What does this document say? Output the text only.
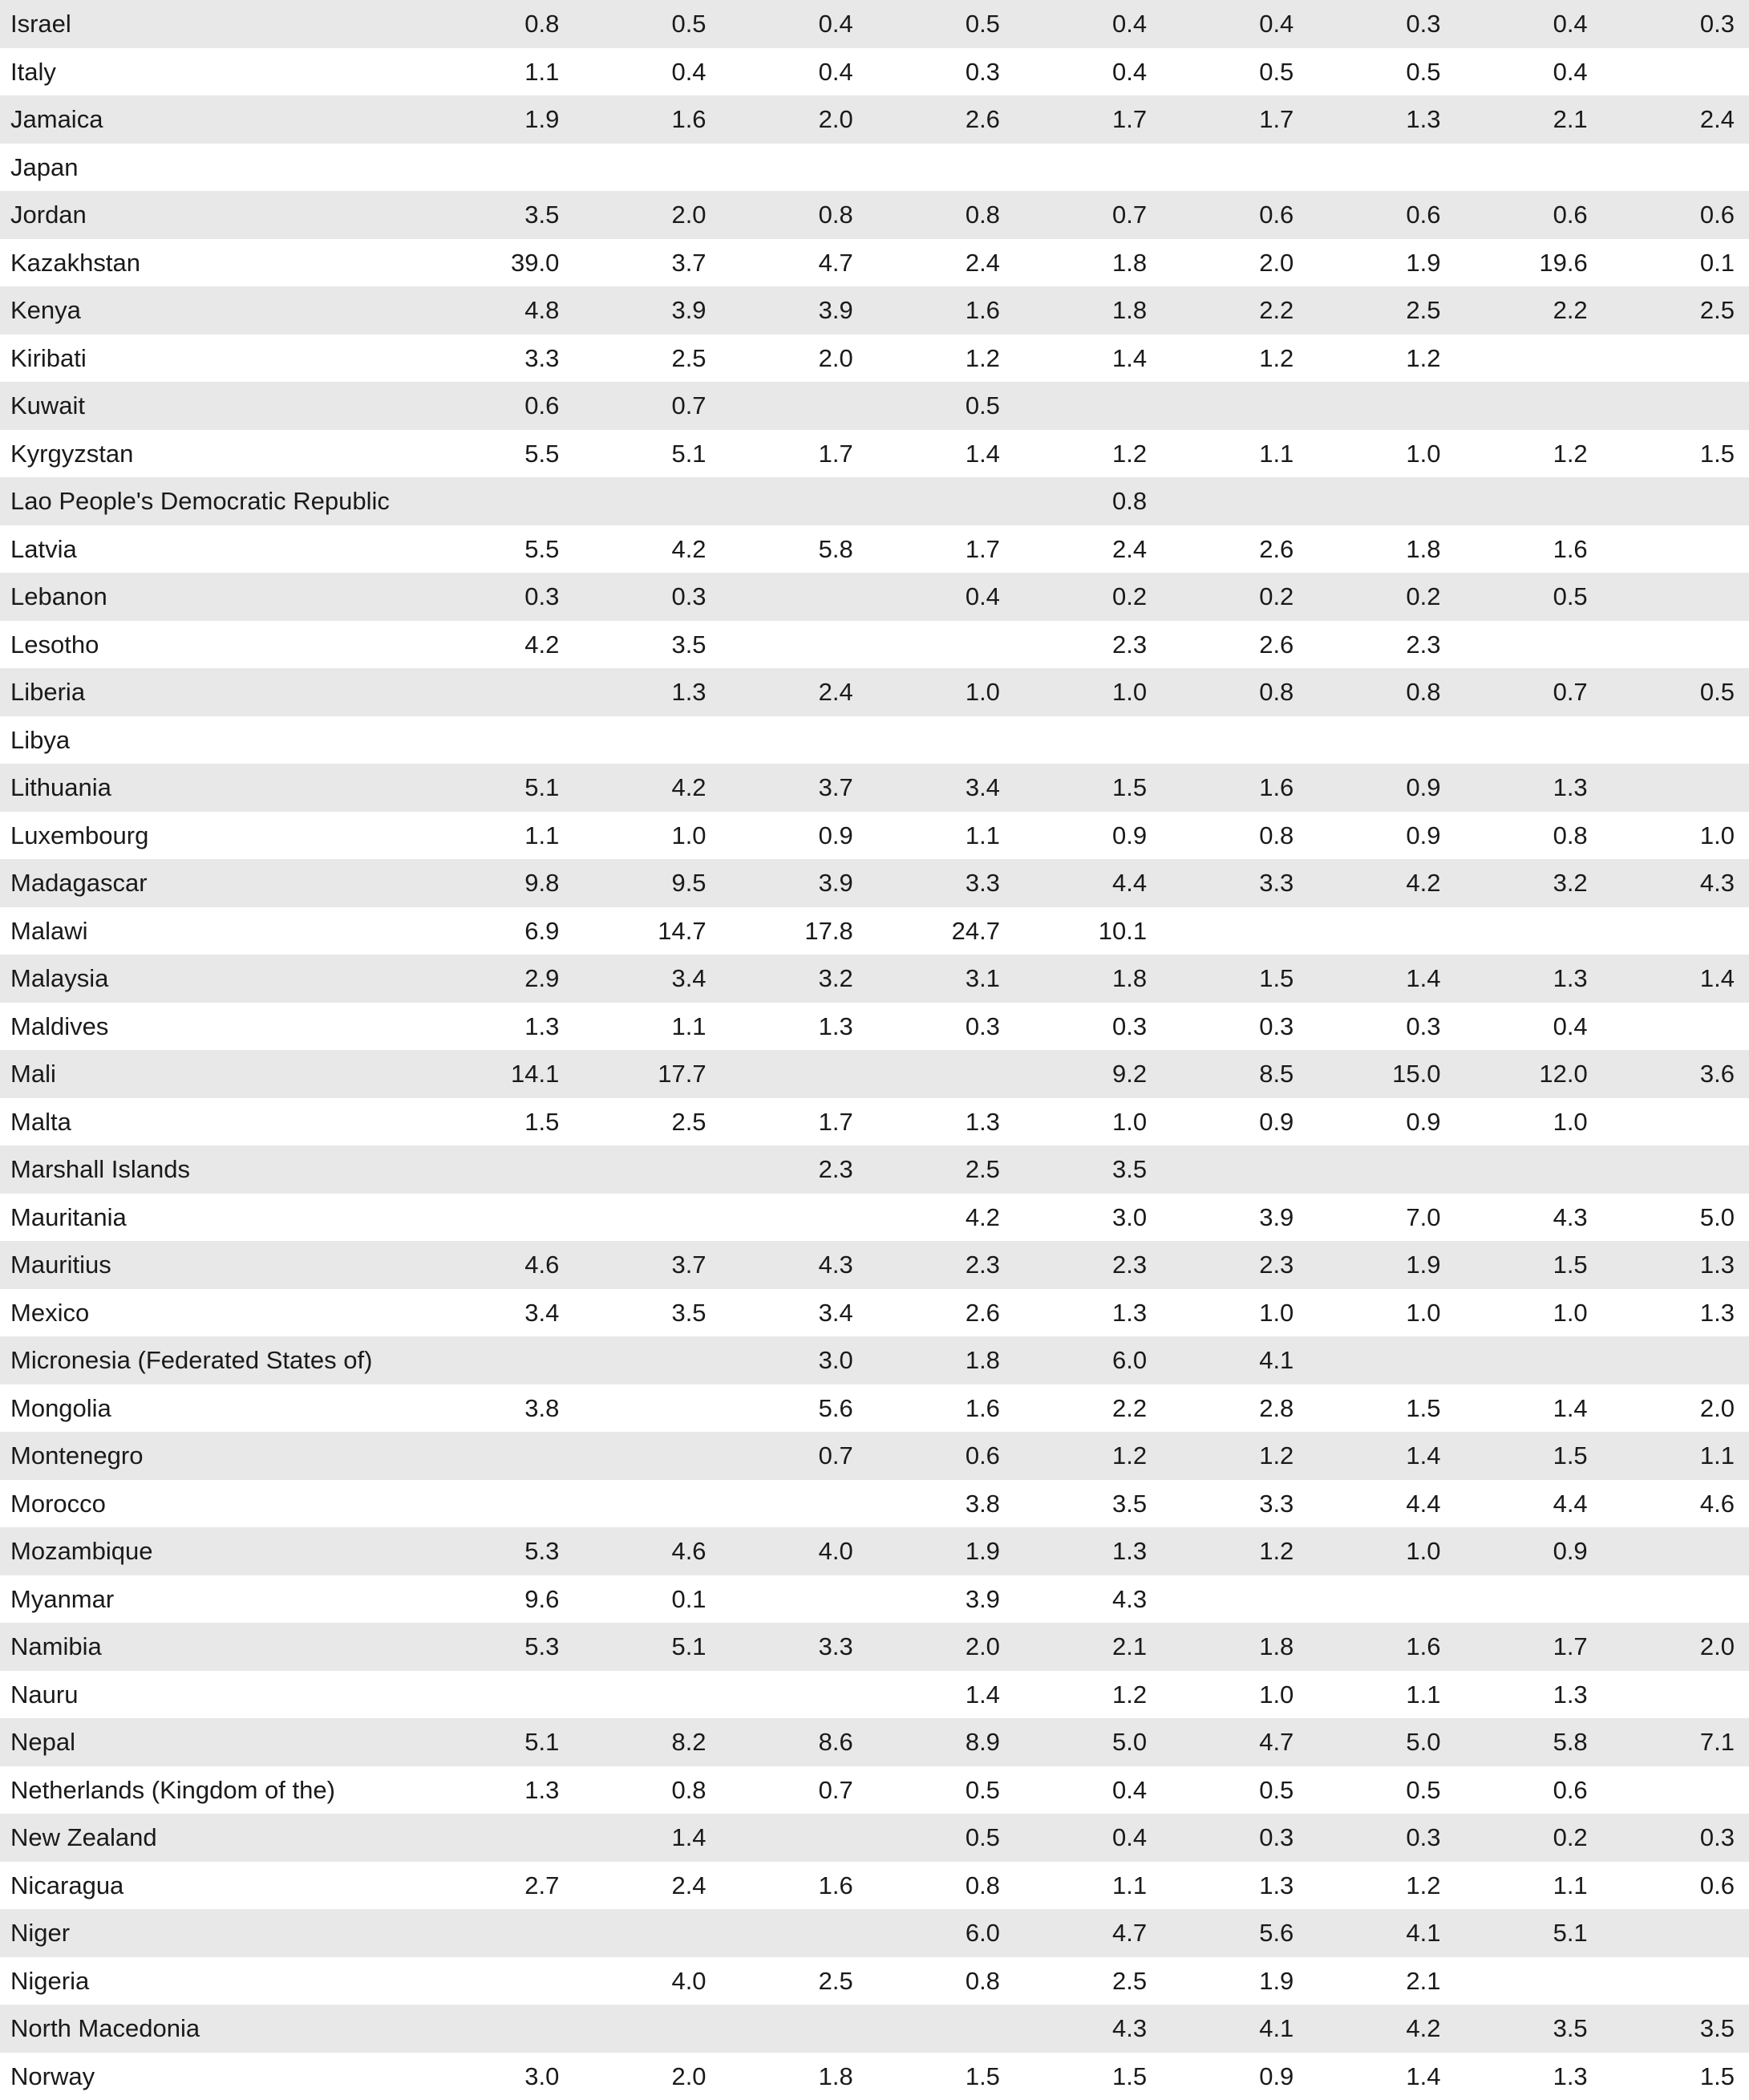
Israel	0.8	0.5	0.4	0.5	0.4	0.4	0.3	0.4	0.3
Italy	1.1	0.4	0.4	0.3	0.4	0.5	0.5	0.4	
Jamaica	1.9	1.6	2.0	2.6	1.7	1.7	1.3	2.1	2.4
Japan									
Jordan	3.5	2.0	0.8	0.8	0.7	0.6	0.6	0.6	0.6
Kazakhstan	39.0	3.7	4.7	2.4	1.8	2.0	1.9	19.6	0.1
Kenya	4.8	3.9	3.9	1.6	1.8	2.2	2.5	2.2	2.5
Kiribati	3.3	2.5	2.0	1.2	1.4	1.2	1.2		
Kuwait	0.6	0.7		0.5					
Kyrgyzstan	5.5	5.1	1.7	1.4	1.2	1.1	1.0	1.2	1.5
Lao People's Democratic Republic					0.8				
Latvia	5.5	4.2	5.8	1.7	2.4	2.6	1.8	1.6	
Lebanon	0.3	0.3		0.4	0.2	0.2	0.2	0.5	
Lesotho	4.2	3.5			2.3	2.6	2.3		
Liberia		1.3	2.4	1.0	1.0	0.8	0.8	0.7	0.5
Libya									
Lithuania	5.1	4.2	3.7	3.4	1.5	1.6	0.9	1.3	
Luxembourg	1.1	1.0	0.9	1.1	0.9	0.8	0.9	0.8	1.0
Madagascar	9.8	9.5	3.9	3.3	4.4	3.3	4.2	3.2	4.3
Malawi	6.9	14.7	17.8	24.7	10.1				
Malaysia	2.9	3.4	3.2	3.1	1.8	1.5	1.4	1.3	1.4
Maldives	1.3	1.1	1.3	0.3	0.3	0.3	0.3	0.4	
Mali	14.1	17.7			9.2	8.5	15.0	12.0	3.6
Malta	1.5	2.5	1.7	1.3	1.0	0.9	0.9	1.0	
Marshall Islands			2.3	2.5	3.5				
Mauritania				4.2	3.0	3.9	7.0	4.3	5.0
Mauritius	4.6	3.7	4.3	2.3	2.3	2.3	1.9	1.5	1.3
Mexico	3.4	3.5	3.4	2.6	1.3	1.0	1.0	1.0	1.3
Micronesia (Federated States of)			3.0	1.8	6.0	4.1			
Mongolia	3.8		5.6	1.6	2.2	2.8	1.5	1.4	2.0
Montenegro			0.7	0.6	1.2	1.2	1.4	1.5	1.1
Morocco				3.8	3.5	3.3	4.4	4.4	4.6
Mozambique	5.3	4.6	4.0	1.9	1.3	1.2	1.0	0.9	
Myanmar	9.6	0.1		3.9	4.3				
Namibia	5.3	5.1	3.3	2.0	2.1	1.8	1.6	1.7	2.0
Nauru				1.4	1.2	1.0	1.1	1.3	
Nepal	5.1	8.2	8.6	8.9	5.0	4.7	5.0	5.8	7.1
Netherlands (Kingdom of the)	1.3	0.8	0.7	0.5	0.4	0.5	0.5	0.6	
New Zealand		1.4		0.5	0.4	0.3	0.3	0.2	0.3
Nicaragua	2.7	2.4	1.6	0.8	1.1	1.3	1.2	1.1	0.6
Niger				6.0	4.7	5.6	4.1	5.1	
Nigeria		4.0	2.5	0.8	2.5	1.9	2.1		
North Macedonia					4.3	4.1	4.2	3.5	3.5
Norway	3.0	2.0	1.8	1.5	1.5	0.9	1.4	1.3	1.5
